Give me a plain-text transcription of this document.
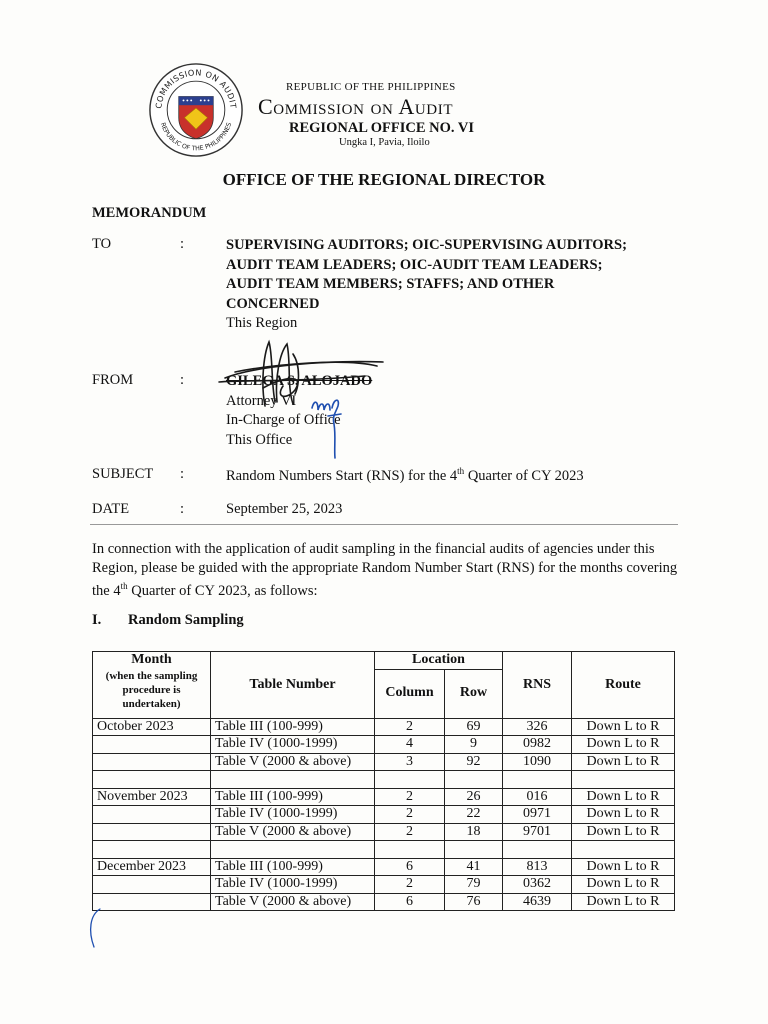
COMMISSION ON AUDIT
REPUBLIC OF THE PHILIPPINES
REPUBLIC OF THE PHILIPPINES
Commission on Audit
REGIONAL OFFICE NO. VI
Ungka I, Pavia, Iloilo
OFFICE OF THE REGIONAL DIRECTOR
MEMORANDUM
TO	:	SUPERVISING AUDITORS; OIC-SUPERVISING AUDITORS;
AUDIT TEAM LEADERS; OIC-AUDIT TEAM LEADERS;
AUDIT TEAM MEMBERS; STAFFS; AND OTHER
CONCERNED
This Region
FROM	:	GILEGA S. ALOJADO
Attorney VI
In-Charge of Office
This Office
SUBJECT :	Random Numbers Start (RNS) for the 4th Quarter of CY 2023
DATE	:	September 25, 2023
In connection with the application of audit sampling in the financial audits of agencies under this Region, please be guided with the appropriate Random Number Start (RNS) for the months covering the 4th Quarter of CY 2023, as follows:
I. Random Sampling
Month
(when the sampling procedure is undertaken)	Table Number	Location		RNS	Route
		Column	Row		
October 2023	Table III (100-999)	2	69	326	Down L to R
	Table IV (1000-1999)	4	9	0982	Down L to R
	Table V (2000 & above)	3	92	1090	Down L to R

November 2023	Table III (100-999)	2	26	016	Down L to R
	Table IV (1000-1999)	2	22	0971	Down L to R
	Table V (2000 & above)	2	18	9701	Down L to R

December 2023	Table III (100-999)	6	41	813	Down L to R
	Table IV (1000-1999)	2	79	0362	Down L to R
	Table V (2000 & above)	6	76	4639	Down L to R
